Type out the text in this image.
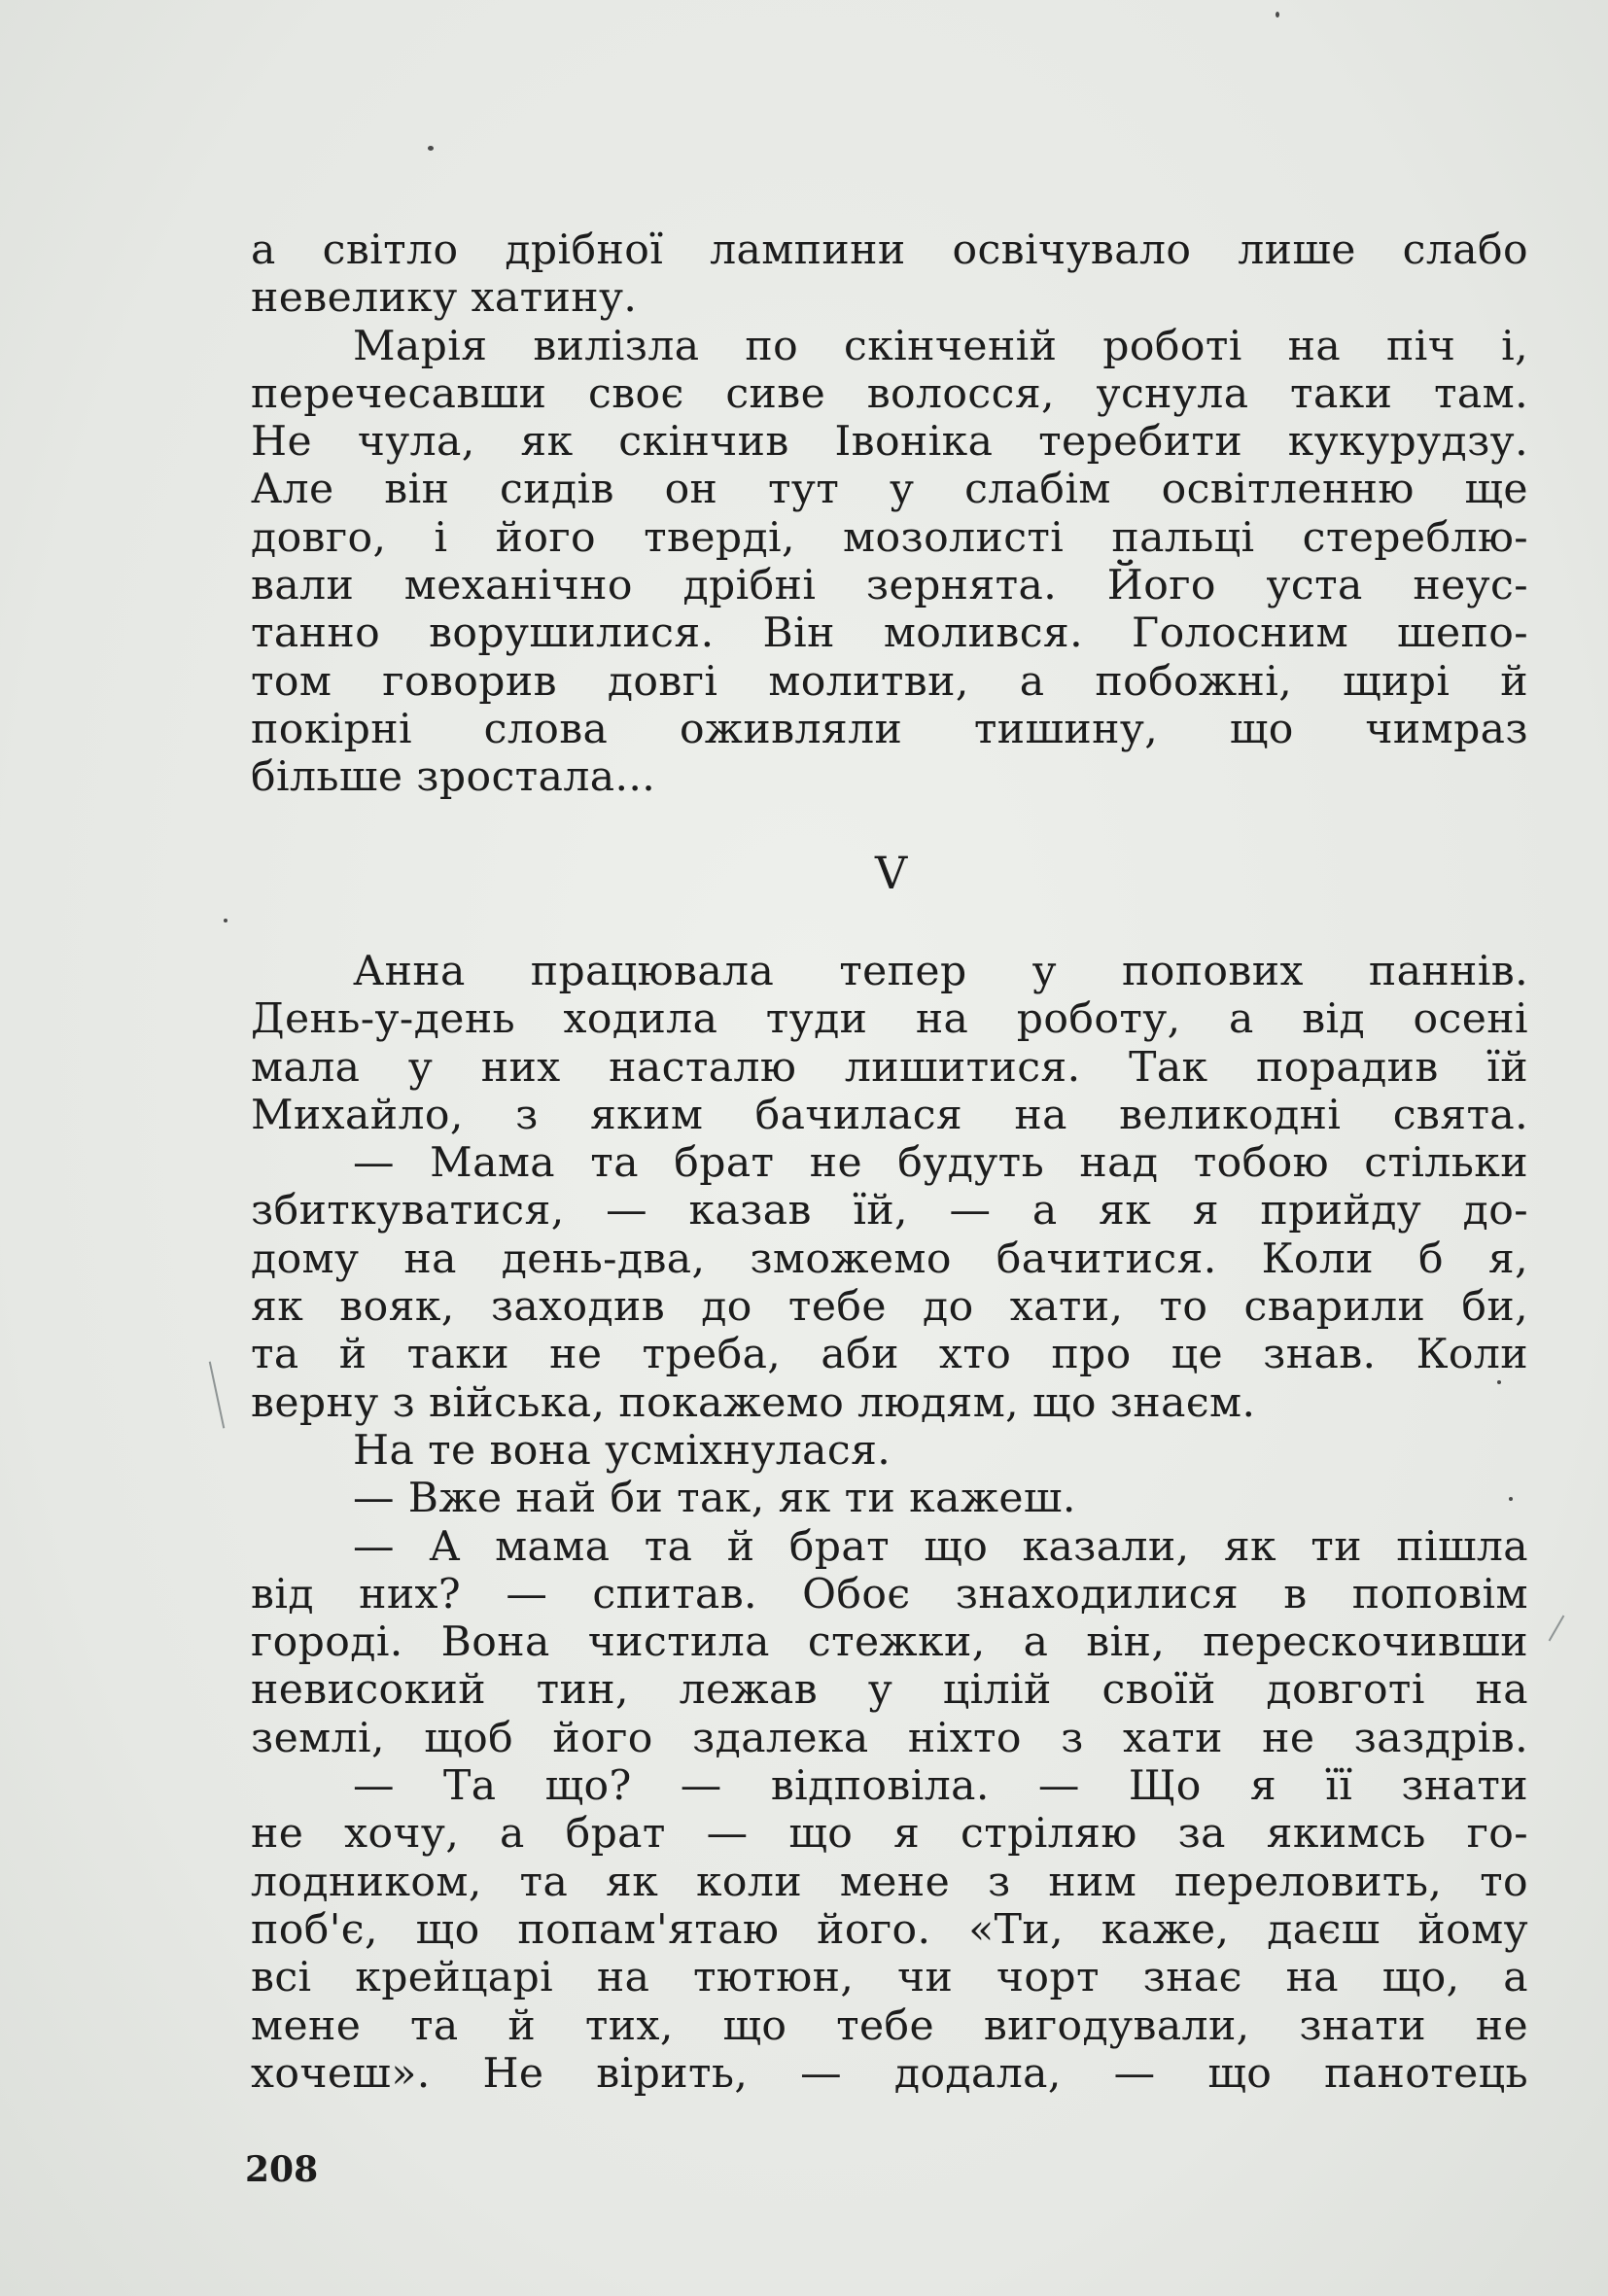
а світло дрібної лампини освічувало лише слабо
невелику хатину.
Марія вилізла по скінченій роботі на піч і,
перечесавши своє сиве волосся, уснула таки там.
Не чула, як скінчив Івоніка теребити кукурудзу.
Але він сидів он тут у слабім освітленню ще
довго, і його тверді, мозолисті пальці стереблю-
вали механічно дрібні зернята. Його уста неус-
танно ворушилися. Він молився. Голосним шепо-
том говорив довгі молитви, а побожні, щирі й
покірні слова оживляли тишину, що чимраз
більше зростала...
V
Анна працювала тепер у попових паннів.
День-у-день ходила туди на роботу, а від осені
мала у них насталю лишитися. Так порадив їй
Михайло, з яким бачилася на великодні свята.
— Мама та брат не будуть над тобою стільки
збиткуватися, — казав їй, — а як я прийду до-
дому на день-два, зможемо бачитися. Коли б я,
як вояк, заходив до тебе до хати, то сварили би,
та й таки не треба, аби хто про це знав. Коли
верну з війська, покажемо людям, що знаєм.
На те вона усміхнулася.
— Вже най би так, як ти кажеш.
— А мама та й брат що казали, як ти пішла
від них? — спитав. Обоє знаходилися в поповім
городі. Вона чистила стежки, а він, перескочивши
невисокий тин, лежав у цілій своїй довготі на
землі, щоб його здалека ніхто з хати не заздрів.
— Та що? — відповіла. — Що я її знати
не хочу, а брат — що я стріляю за якимсь го-
лодником, та як коли мене з ним переловить, то
поб'є, що попам'ятаю його. «Ти, каже, даєш йому
всі крейцарі на тютюн, чи чорт знає на що, а
мене та й тих, що тебе вигодували, знати не
хочеш». Не вірить, — додала, — що панотець
208
